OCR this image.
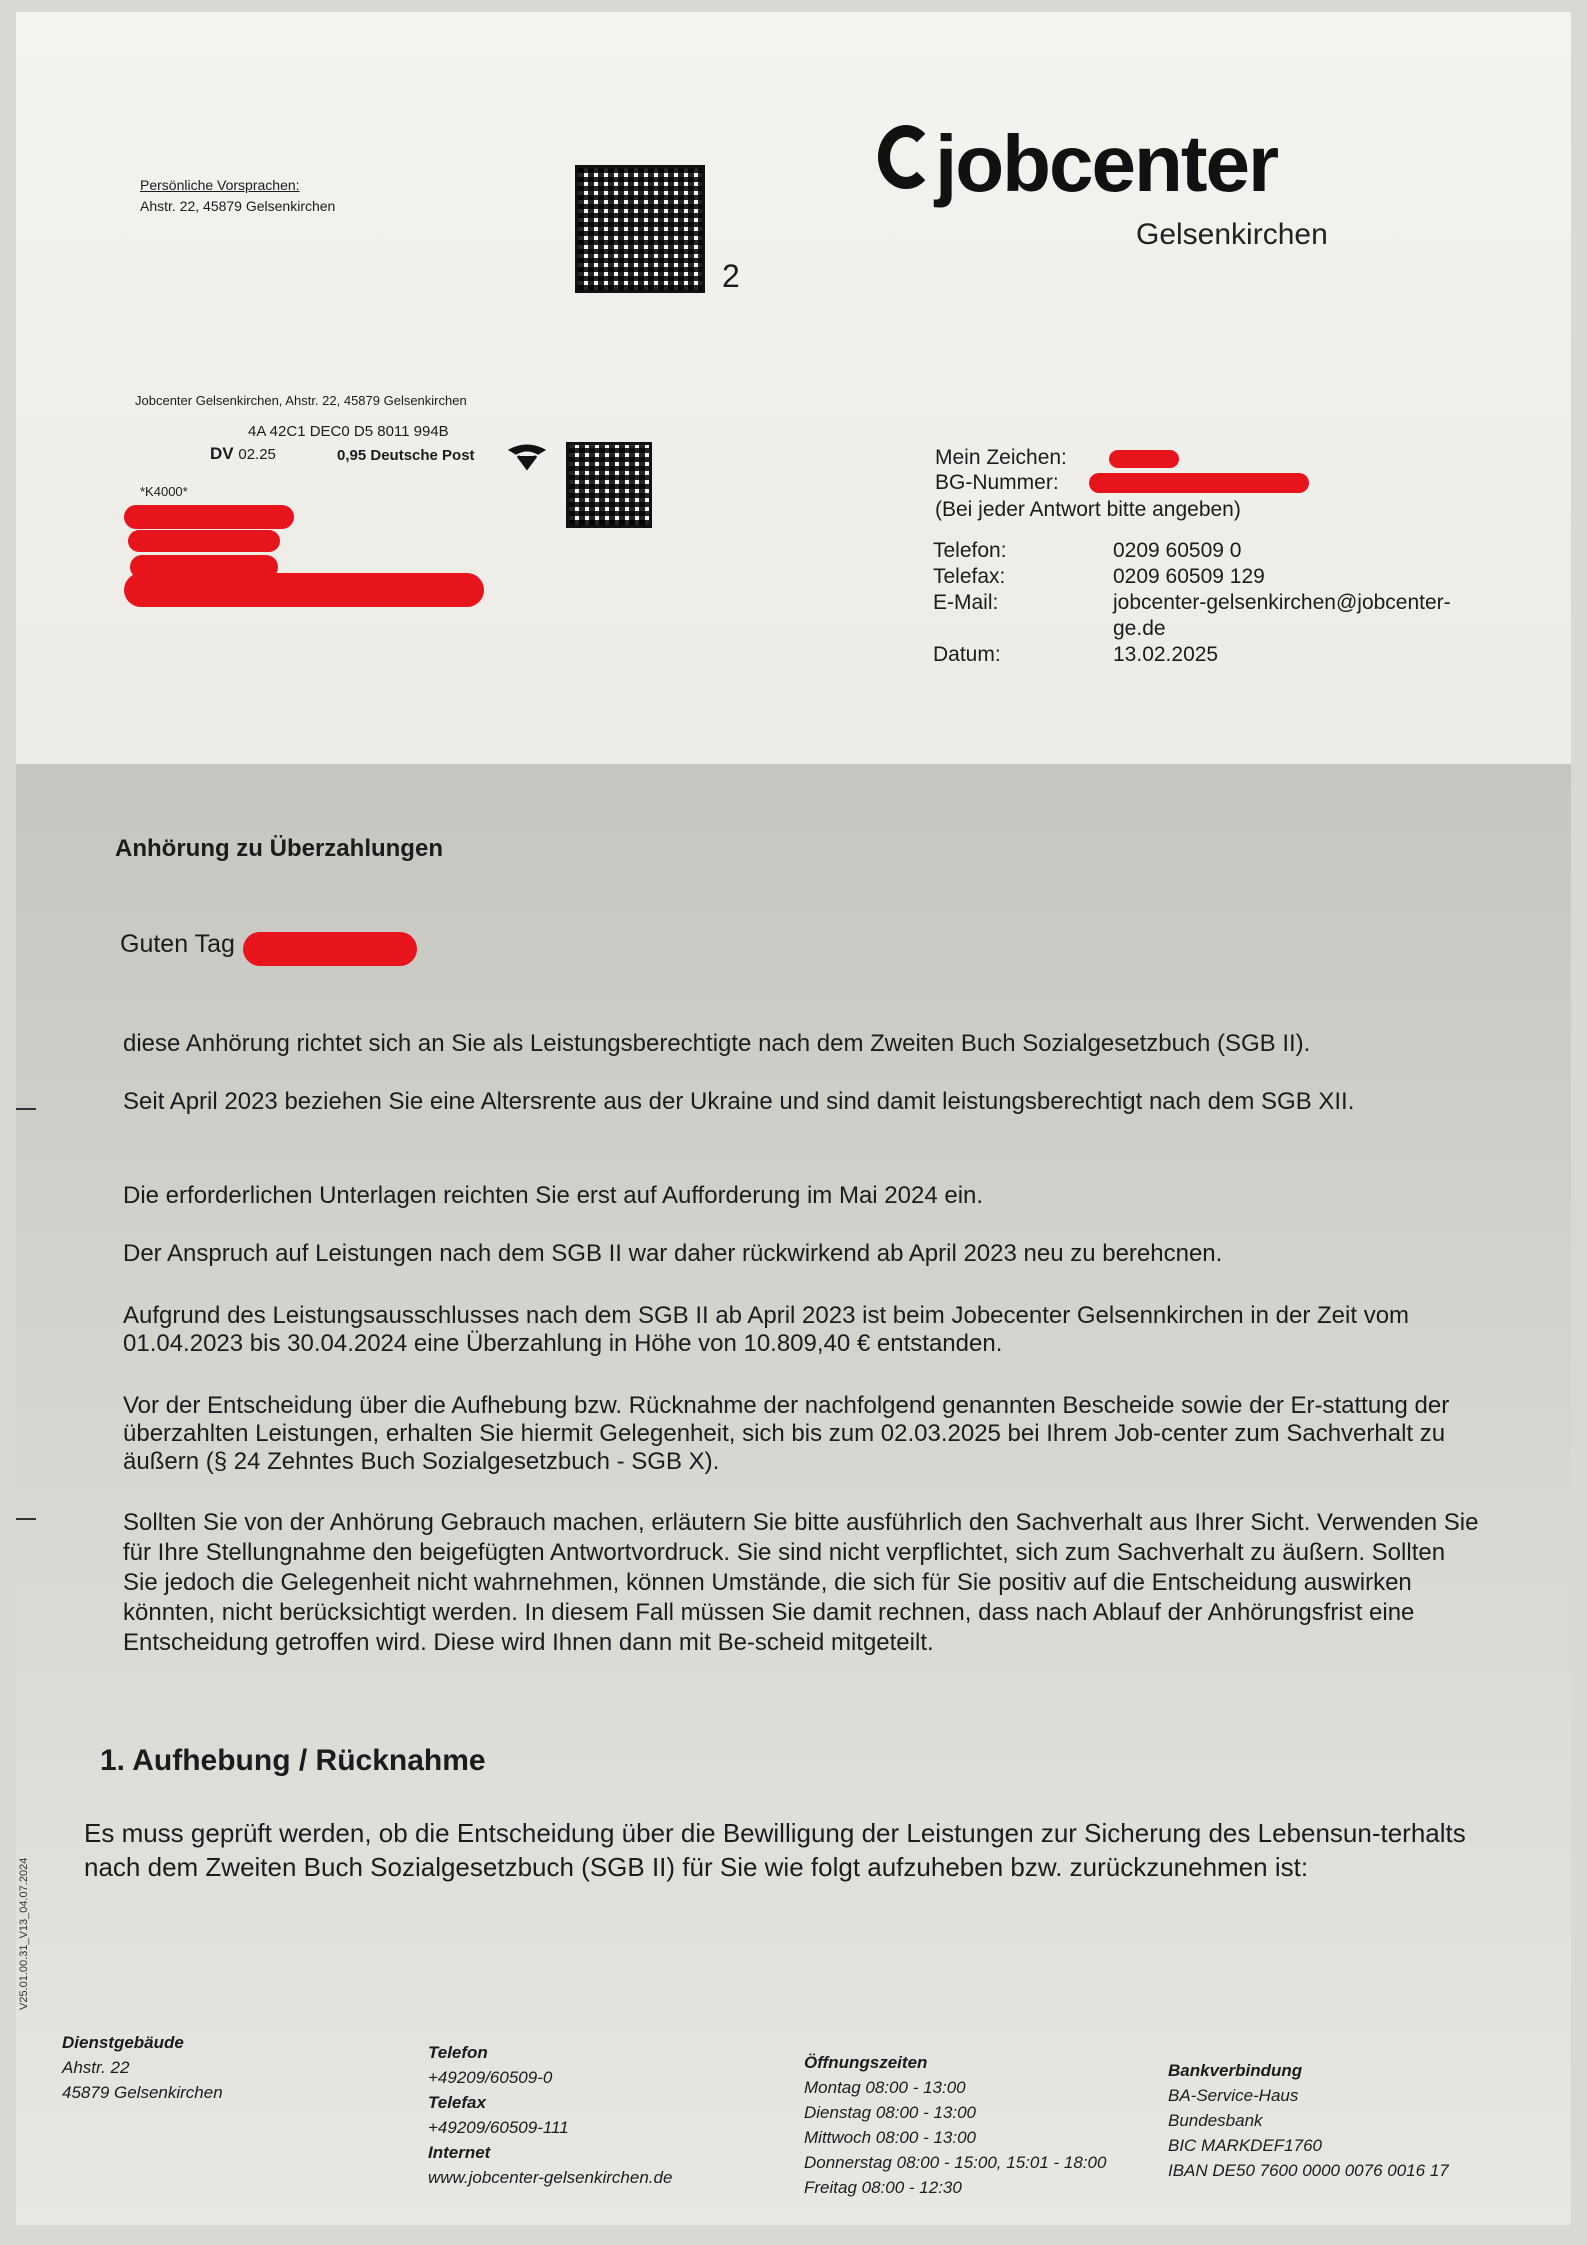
Persönliche Vorsprachen:
Ahstr. 22, 45879 Gelsenkirchen
2
jobcenter
Gelsenkirchen
Jobcenter Gelsenkirchen, Ahstr. 22, 45879 Gelsenkirchen
4A 42C1 DEC0 D5 8011 994B
DV 02.25	0,95 Deutsche Post
*K4000*
Mein Zeichen:
BG-Nummer:
(Bei jeder Antwort bitte angeben)
Telefon:	0209 60509 0
Telefax:	0209 60509 129
E-Mail:	jobcenter-gelsenkirchen@jobcenter-
ge.de
Datum:	13.02.2025
Anhörung zu Überzahlungen
Guten Tag
diese Anhörung richtet sich an Sie als Leistungsberechtigte nach dem Zweiten Buch Sozialgesetzbuch (SGB II).
Seit April 2023 beziehen Sie eine Altersrente aus der Ukraine und sind damit leistungsberechtigt nach dem SGB XII.
Die erforderlichen Unterlagen reichten Sie erst auf Aufforderung im Mai 2024 ein.
Der Anspruch auf Leistungen nach dem SGB II war daher rückwirkend ab April 2023 neu zu berehcnen.
Aufgrund des Leistungsausschlusses nach dem SGB II ab April 2023 ist beim Jobecenter Gelsennkirchen in der Zeit vom 01.04.2023 bis 30.04.2024 eine Überzahlung in Höhe von 10.809,40 € entstanden.
Vor der Entscheidung über die Aufhebung bzw. Rücknahme der nachfolgend genannten Bescheide sowie der Er-stattung der überzahlten Leistungen, erhalten Sie hiermit Gelegenheit, sich bis zum 02.03.2025 bei Ihrem Job-center zum Sachverhalt zu äußern (§ 24 Zehntes Buch Sozialgesetzbuch - SGB X).
Sollten Sie von der Anhörung Gebrauch machen, erläutern Sie bitte ausführlich den Sachverhalt aus Ihrer Sicht. Verwenden Sie für Ihre Stellungnahme den beigefügten Antwortvordruck. Sie sind nicht verpflichtet, sich zum Sachverhalt zu äußern. Sollten Sie jedoch die Gelegenheit nicht wahrnehmen, können Umstände, die sich für Sie positiv auf die Entscheidung auswirken könnten, nicht berücksichtigt werden. In diesem Fall müssen Sie damit rechnen, dass nach Ablauf der Anhörungsfrist eine Entscheidung getroffen wird. Diese wird Ihnen dann mit Be-scheid mitgeteilt.
1. Aufhebung / Rücknahme
Es muss geprüft werden, ob die Entscheidung über die Bewilligung der Leistungen zur Sicherung des Lebensun-terhalts nach dem Zweiten Buch Sozialgesetzbuch (SGB II) für Sie wie folgt aufzuheben bzw. zurückzunehmen ist:
V25.01.00.31_V13_04.07.2024
Dienstgebäude
Ahstr. 22
45879 Gelsenkirchen
Telefon
+49209/60509-0
Telefax
+49209/60509-111
Internet
www.jobcenter-gelsenkirchen.de
Öffnungszeiten
Montag 08:00 - 13:00
Dienstag 08:00 - 13:00
Mittwoch 08:00 - 13:00
Donnerstag 08:00 - 15:00, 15:01 - 18:00
Freitag 08:00 - 12:30
Bankverbindung
BA-Service-Haus
Bundesbank
BIC MARKDEF1760
IBAN DE50 7600 0000 0076 0016 17
